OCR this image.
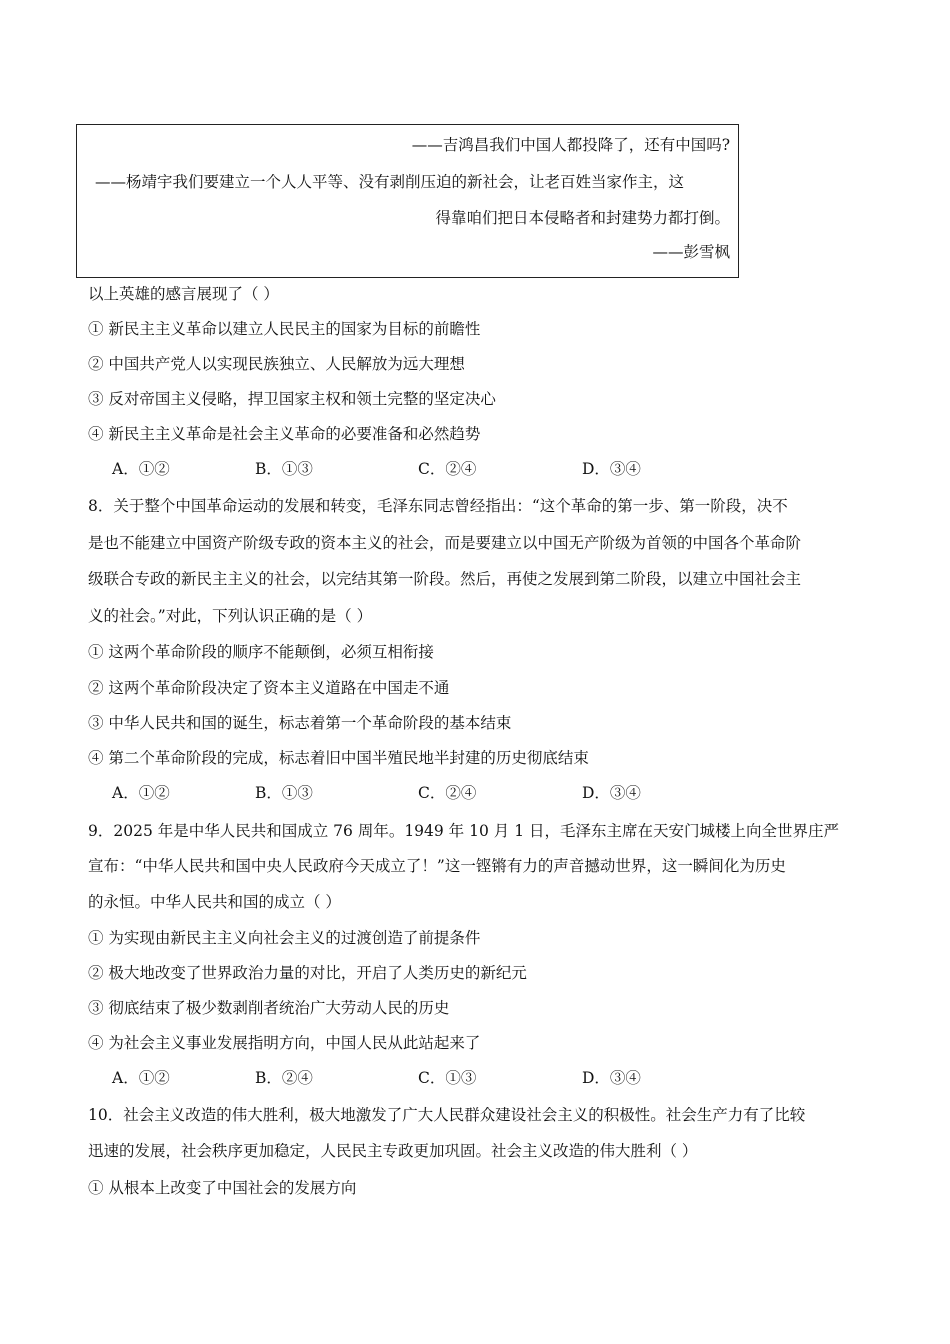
——吉鸿昌我们中国人都投降了，还有中国吗?
——杨靖宇我们要建立一个人人平等、没有剥削压迫的新社会，让老百姓当家作主，这
得靠咱们把日本侵略者和封建势力都打倒。
——彭雪枫
以上英雄的感言展现了（ ）
① 新民主主义革命以建立人民民主的国家为目标的前瞻性
② 中国共产党人以实现民族独立、人民解放为远大理想
③ 反对帝国主义侵略，捍卫国家主权和领土完整的坚定决心
④ 新民主主义革命是社会主义革命的必要准备和必然趋势
A．①②	B．①③	C．②④	D．③④
8．关于整个中国革命运动的发展和转变，毛泽东同志曾经指出：“这个革命的第一步、第一阶段，决不
是也不能建立中国资产阶级专政的资本主义的社会，而是要建立以中国无产阶级为首领的中国各个革命阶
级联合专政的新民主主义的社会，以完结其第一阶段。然后，再使之发展到第二阶段，以建立中国社会主
义的社会。”对此，下列认识正确的是（ ）
① 这两个革命阶段的顺序不能颠倒，必须互相衔接
② 这两个革命阶段决定了资本主义道路在中国走不通
③ 中华人民共和国的诞生，标志着第一个革命阶段的基本结束
④ 第二个革命阶段的完成，标志着旧中国半殖民地半封建的历史彻底结束
A．①②	B．①③	C．②④	D．③④
9．2025 年是中华人民共和国成立 76 周年。1949 年 10 月 1 日，毛泽东主席在天安门城楼上向全世界庄严
宣布：“中华人民共和国中央人民政府今天成立了！”这一铿锵有力的声音撼动世界，这一瞬间化为历史
的永恒。中华人民共和国的成立（ ）
① 为实现由新民主主义向社会主义的过渡创造了前提条件
② 极大地改变了世界政治力量的对比，开启了人类历史的新纪元
③ 彻底结束了极少数剥削者统治广大劳动人民的历史
④ 为社会主义事业发展指明方向，中国人民从此站起来了
A．①②	B．②④	C．①③	D．③④
10．社会主义改造的伟大胜利，极大地激发了广大人民群众建设社会主义的积极性。社会生产力有了比较
迅速的发展，社会秩序更加稳定，人民民主专政更加巩固。社会主义改造的伟大胜利（ ）
① 从根本上改变了中国社会的发展方向
